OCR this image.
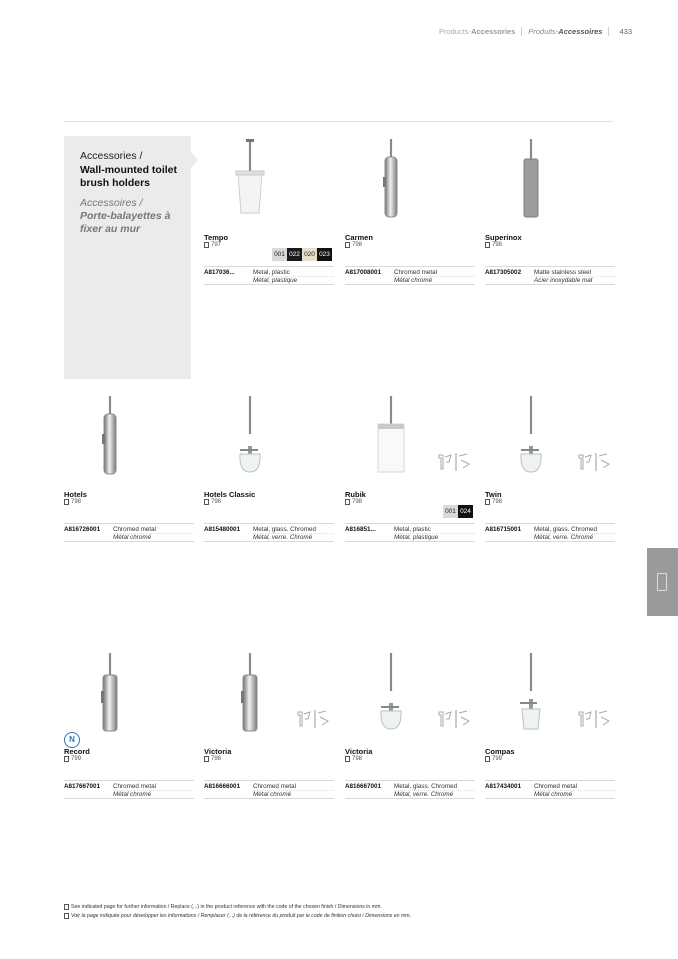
Products - Accessories Produits - Accessoires 433
Accessories /
Wall-mounted toilet brush holders
Accessoires /
Porte-balayettes à fixer au mur
Tempo
797
001 022 020 023
A817036...	Metal, plastic
Métal, plastique
Carmen
798
A817008001 Chromed metal
Métal chromé
Superinox
798
A817305002 Matte stainless steel
Acier inoxydable mat
Hotels
798
A816726001 Chromed metal
Métal chromé
Hotels Classic
798
A815480001 Metal, glass. Chromed
Métal, verre. Chromé
Rubik
798
001 024
A816851...	Metal, plastic
Métal, plastique
Twin
798
A816715001 Metal, glass. Chromed
Métal, verre. Chromé
N
Record
799
A817667001 Chromed metal
Métal chromé
Victoria
798
A816666001 Chromed metal
Métal chromé
Victoria
798
A816667001 Metal, glass. Chromed
Métal, verre. Chromé
Compas
799
A817434001 Chromed metal
Métal chromé
See indicated page for further information / Replace (...) in the product reference with the code of the chosen finish / Dimensions in mm.
Voir la page indiquée pour développer les informations / Remplacer (...) de la référence du produit par le code de finition choisi / Dimensions en mm.
